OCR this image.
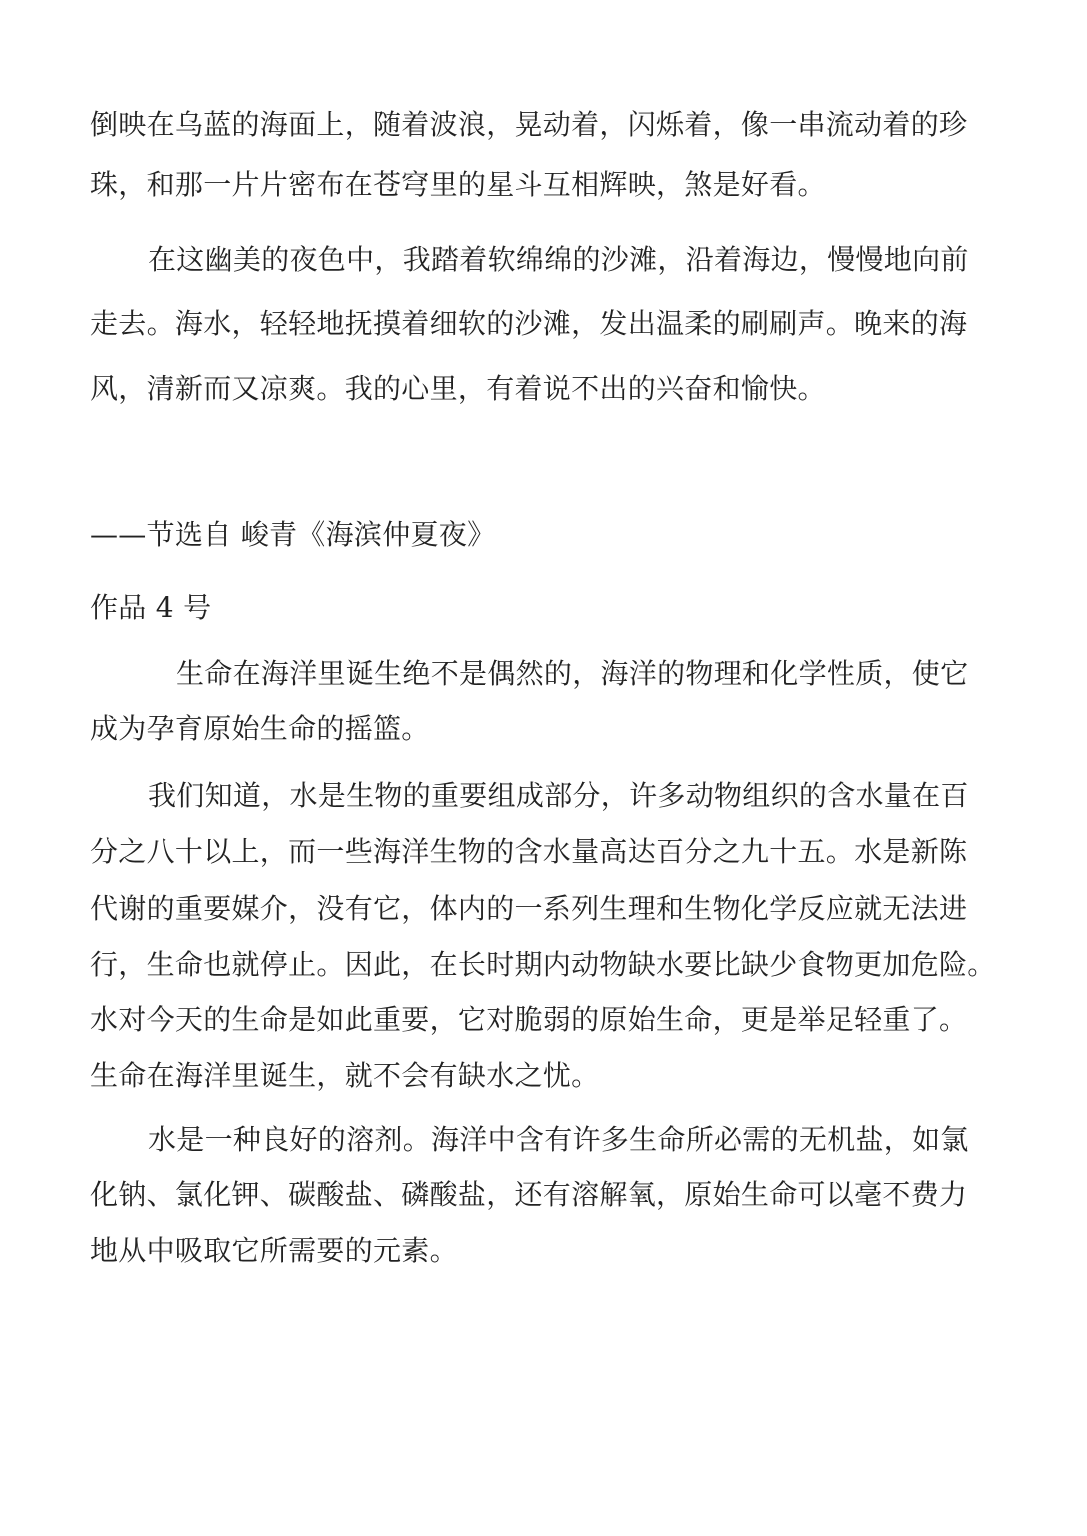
倒映在乌蓝的海面上，随着波浪，晃动着，闪烁着，像一串流动着的珍
珠，和那一片片密布在苍穹里的星斗互相辉映，煞是好看。
在这幽美的夜色中，我踏着软绵绵的沙滩，沿着海边，慢慢地向前
走去。海水，轻轻地抚摸着细软的沙滩，发出温柔的刷刷声。晚来的海
风，清新而又凉爽。我的心里，有着说不出的兴奋和愉快。
——节选自 峻青《海滨仲夏夜》
作品 4 号
生命在海洋里诞生绝不是偶然的，海洋的物理和化学性质，使它
成为孕育原始生命的摇篮。
我们知道，水是生物的重要组成部分，许多动物组织的含水量在百
分之八十以上，而一些海洋生物的含水量高达百分之九十五。水是新陈
代谢的重要媒介，没有它，体内的一系列生理和生物化学反应就无法进
行，生命也就停止。因此，在长时期内动物缺水要比缺少食物更加危险。
水对今天的生命是如此重要，它对脆弱的原始生命，更是举足轻重了。
生命在海洋里诞生，就不会有缺水之忧。
水是一种良好的溶剂。海洋中含有许多生命所必需的无机盐，如氯
化钠、氯化钾、碳酸盐、磷酸盐，还有溶解氧，原始生命可以毫不费力
地从中吸取它所需要的元素。
